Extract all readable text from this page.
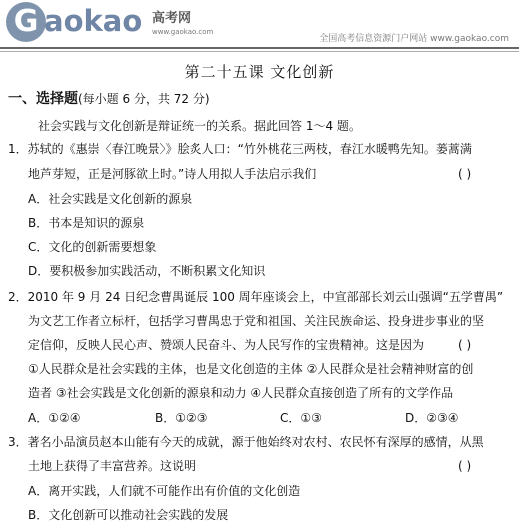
G aokao 高考网
www.gaokao.com
全国高考信息资源门户网站 www.gaokao.com
第二十五课 文化创新
一、选择题(每小题 6 分，共 72 分)
社会实践与文化创新是辩证统一的关系。据此回答 1～4 题。
1．苏轼的《惠崇〈春江晚景〉》脍炙人口：“竹外桃花三两枝，春江水暖鸭先知。蒌蒿满
地芦芽短，正是河豚欲上时。”诗人用拟人手法启示我们	( )
A．社会实践是文化创新的源泉
B．书本是知识的源泉
C．文化的创新需要想象
D．要积极参加实践活动，不断积累文化知识
2．2010 年 9 月 24 日纪念曹禺诞辰 100 周年座谈会上，中宣部部长刘云山强调“五学曹禺”
为文艺工作者立标杆，包括学习曹禺忠于党和祖国、关注民族命运、投身进步事业的坚
定信仰，反映人民心声、赞颂人民奋斗、为人民写作的宝贵精神。这是因为	( )
①人民群众是社会实践的主体，也是文化创造的主体 ②人民群众是社会精神财富的创
造者 ③社会实践是文化创新的源泉和动力 ④人民群众直接创造了所有的文学作品
A．①②④	B．①②③	C．①③	D．②③④
3．著名小品演员赵本山能有今天的成就，源于他始终对农村、农民怀有深厚的感情，从黑
土地上获得了丰富营养。这说明	( )
A．离开实践，人们就不可能作出有价值的文化创造
B．文化创新可以推动社会实践的发展
